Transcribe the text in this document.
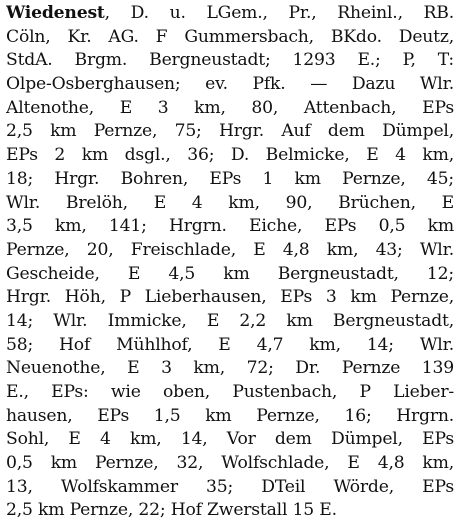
Wiedenest, D. u. LGem., Pr., Rheinl., RB.
Cöln, Kr. AG. F Gummersbach, BKdo. Deutz,
StdA. Brgm. Bergneustadt; 1293 E.; P, T:
Olpe-Osberghausen; ev. Pfk. — Dazu Wlr.
Altenothe, E 3 km, 80, Attenbach, EPs
2,5 km Pernze, 75; Hrgr. Auf dem Dümpel,
EPs 2 km dsgl., 36; D. Belmicke, E 4 km,
18; Hrgr. Bohren, EPs 1 km Pernze, 45;
Wlr. Brelöh, E 4 km, 90, Brüchen, E
3,5 km, 141; Hrgrn. Eiche, EPs 0,5 km
Pernze, 20, Freischlade, E 4,8 km, 43; Wlr.
Gescheide, E 4,5 km Bergneustadt, 12;
Hrgr. Höh, P Lieberhausen, EPs 3 km Pernze,
14; Wlr. Immicke, E 2,2 km Bergneustadt,
58; Hof Mühlhof, E 4,7 km, 14; Wlr.
Neuenothe, E 3 km, 72; Dr. Pernze 139
E., EPs: wie oben, Pustenbach, P Lieber-
hausen, EPs 1,5 km Pernze, 16; Hrgrn.
Sohl, E 4 km, 14, Vor dem Dümpel, EPs
0,5 km Pernze, 32, Wolfschlade, E 4,8 km,
13, Wolfskammer 35; DTeil Wörde, EPs
2,5 km Pernze, 22; Hof Zwerstall 15 E.
